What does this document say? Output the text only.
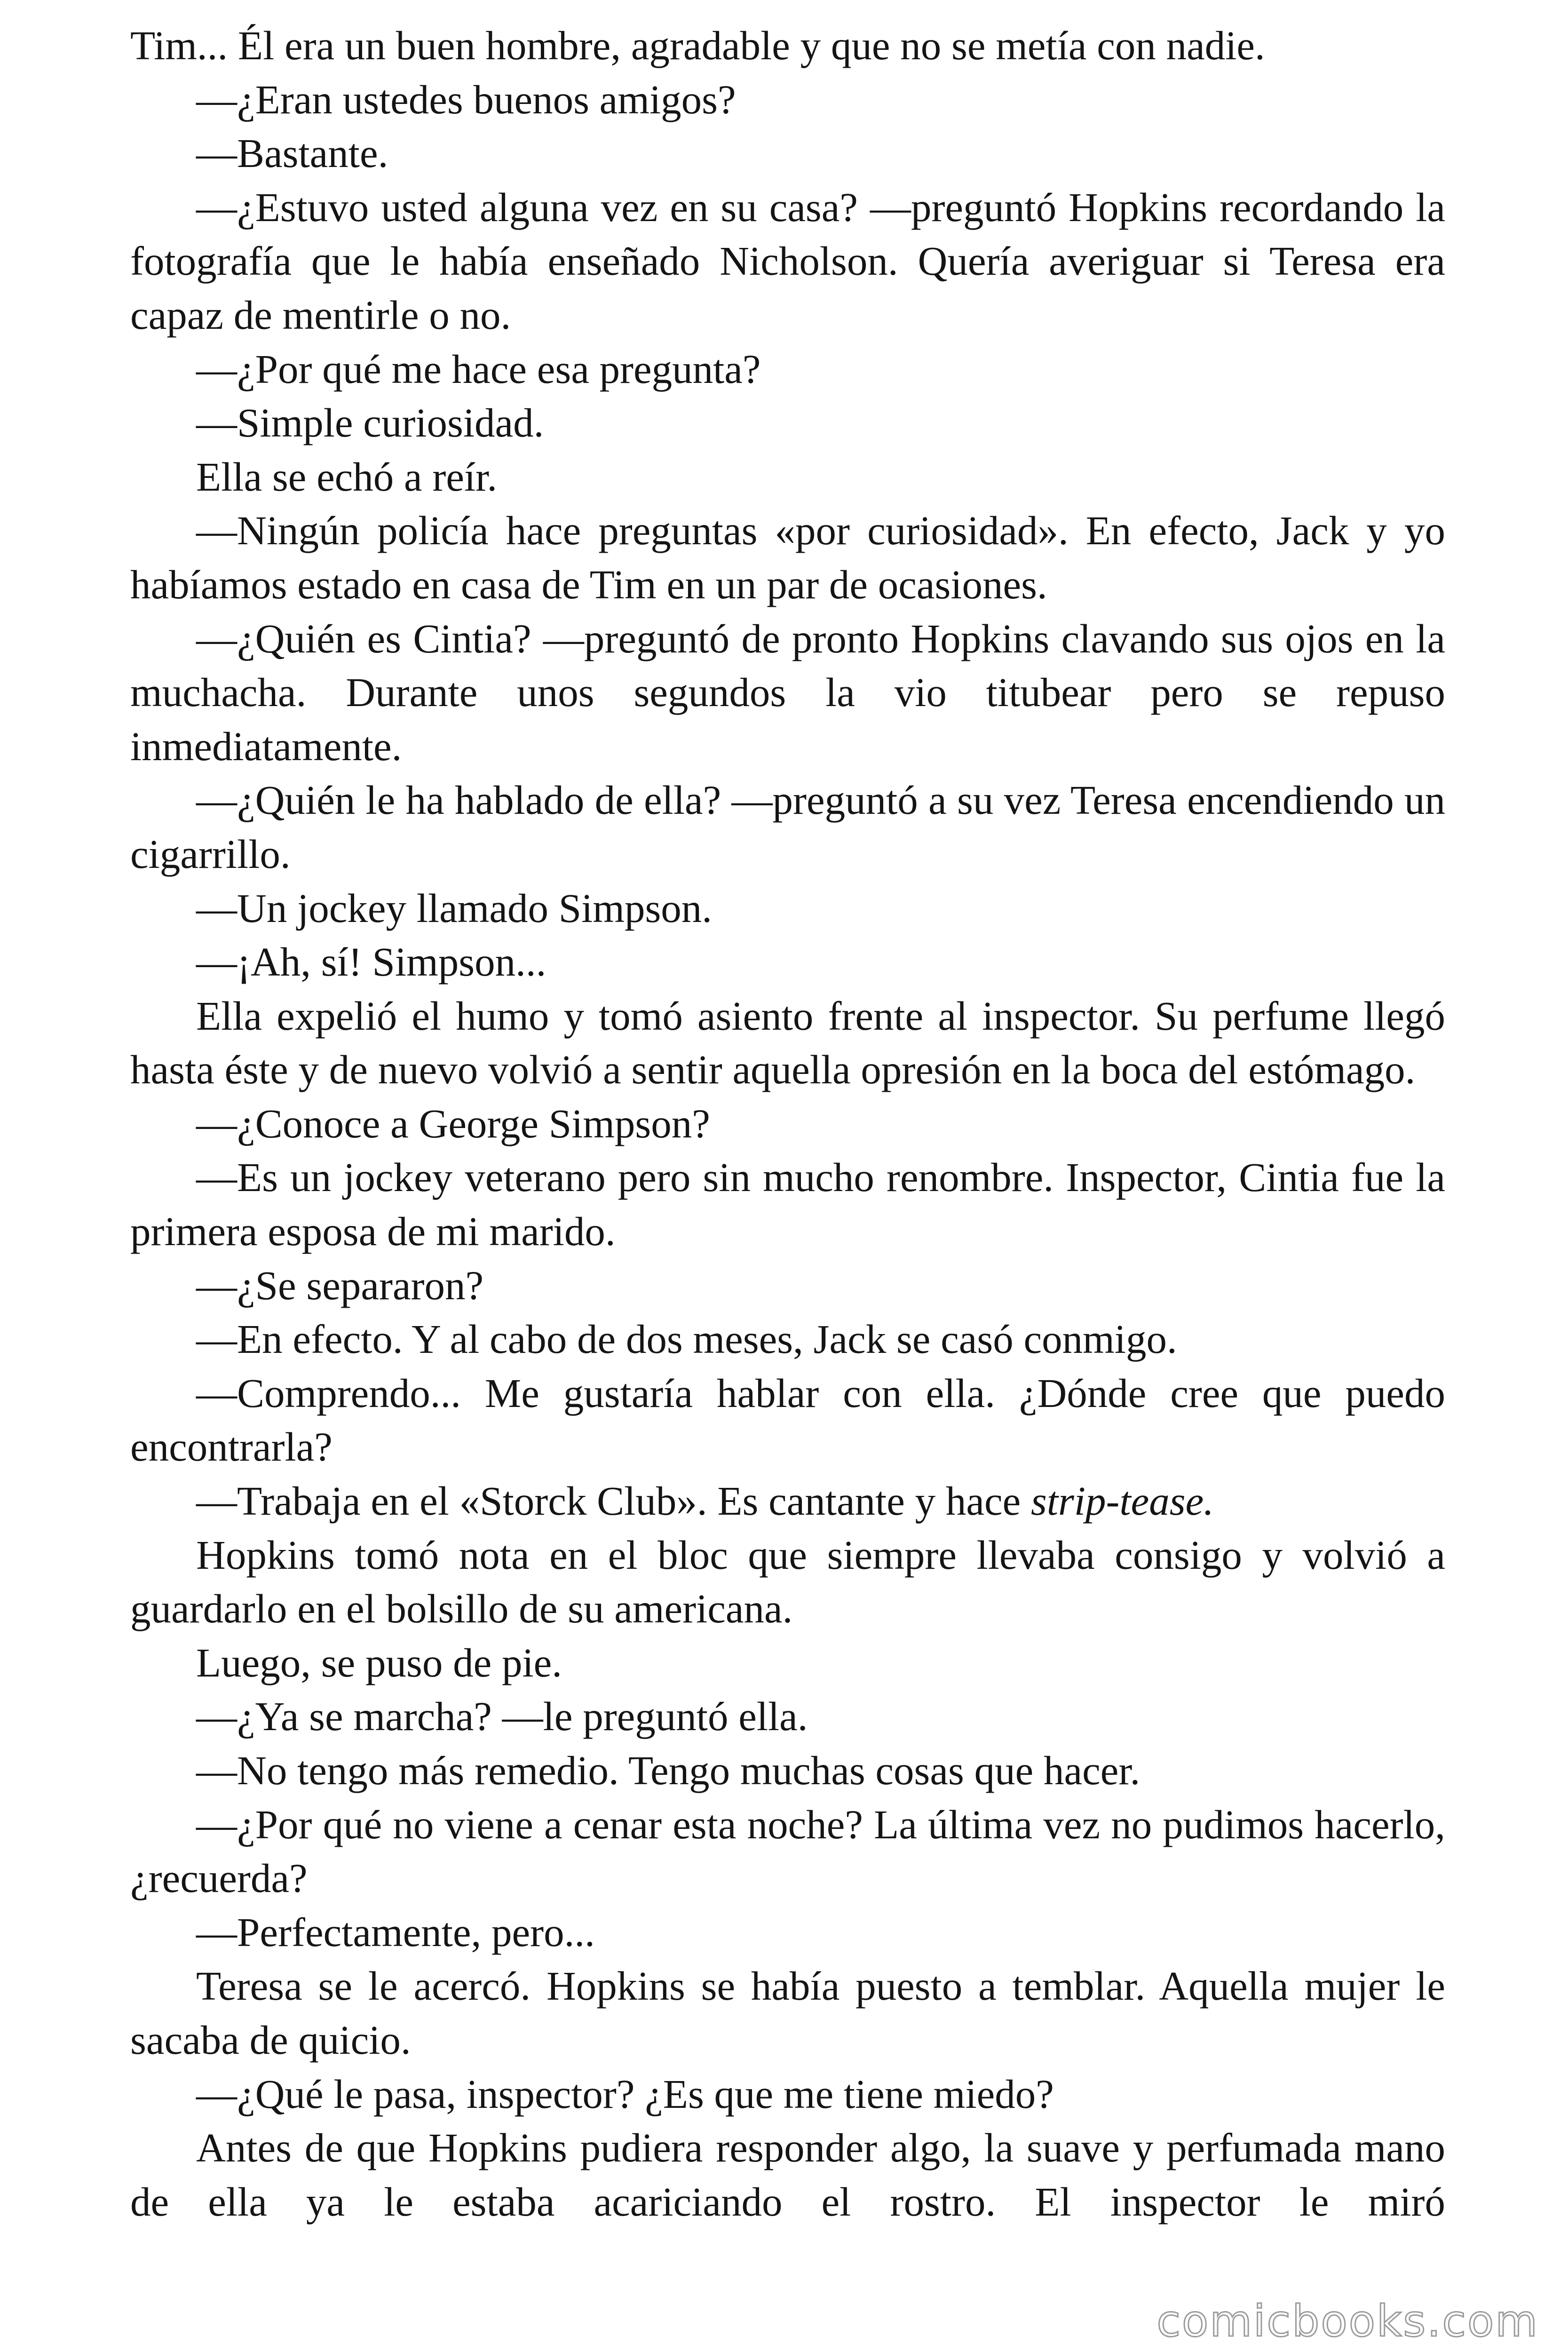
Tim... Él era un buen hombre, agradable y que no se metía con nadie.

—¿Eran ustedes buenos amigos?

—Bastante.

—¿Estuvo usted alguna vez en su casa? —preguntó Hopkins recordando la fotografía que le había enseñado Nicholson. Quería averiguar si Teresa era capaz de mentirle o no.

—¿Por qué me hace esa pregunta?

—Simple curiosidad.

Ella se echó a reír.

—Ningún policía hace preguntas «por curiosidad». En efecto, Jack y yo habíamos estado en casa de Tim en un par de ocasiones.

—¿Quién es Cintia? —preguntó de pronto Hopkins clavando sus ojos en la muchacha. Durante unos segundos la vio titubear pero se repuso inmediatamente.

—¿Quién le ha hablado de ella? —preguntó a su vez Teresa encendiendo un cigarrillo.

—Un jockey llamado Simpson.

—¡Ah, sí! Simpson...

Ella expelió el humo y tomó asiento frente al inspector. Su perfume llegó hasta éste y de nuevo volvió a sentir aquella opresión en la boca del estómago.

—¿Conoce a George Simpson?

—Es un jockey veterano pero sin mucho renombre. Inspector, Cintia fue la primera esposa de mi marido.

—¿Se separaron?

—En efecto. Y al cabo de dos meses, Jack se casó conmigo.

—Comprendo... Me gustaría hablar con ella. ¿Dónde cree que puedo encontrarla?

—Trabaja en el «Storck Club». Es cantante y hace strip-tease.

Hopkins tomó nota en el bloc que siempre llevaba consigo y volvió a guardarlo en el bolsillo de su americana.

Luego, se puso de pie.

—¿Ya se marcha? —le preguntó ella.

—No tengo más remedio. Tengo muchas cosas que hacer.

—¿Por qué no viene a cenar esta noche? La última vez no pudimos hacerlo, ¿recuerda?

—Perfectamente, pero...

Teresa se le acercó. Hopkins se había puesto a temblar. Aquella mujer le sacaba de quicio.

—¿Qué le pasa, inspector? ¿Es que me tiene miedo?

Antes de que Hopkins pudiera responder algo, la suave y perfumada mano de ella ya le estaba acariciando el rostro. El inspector le miró

comicbooks.com
